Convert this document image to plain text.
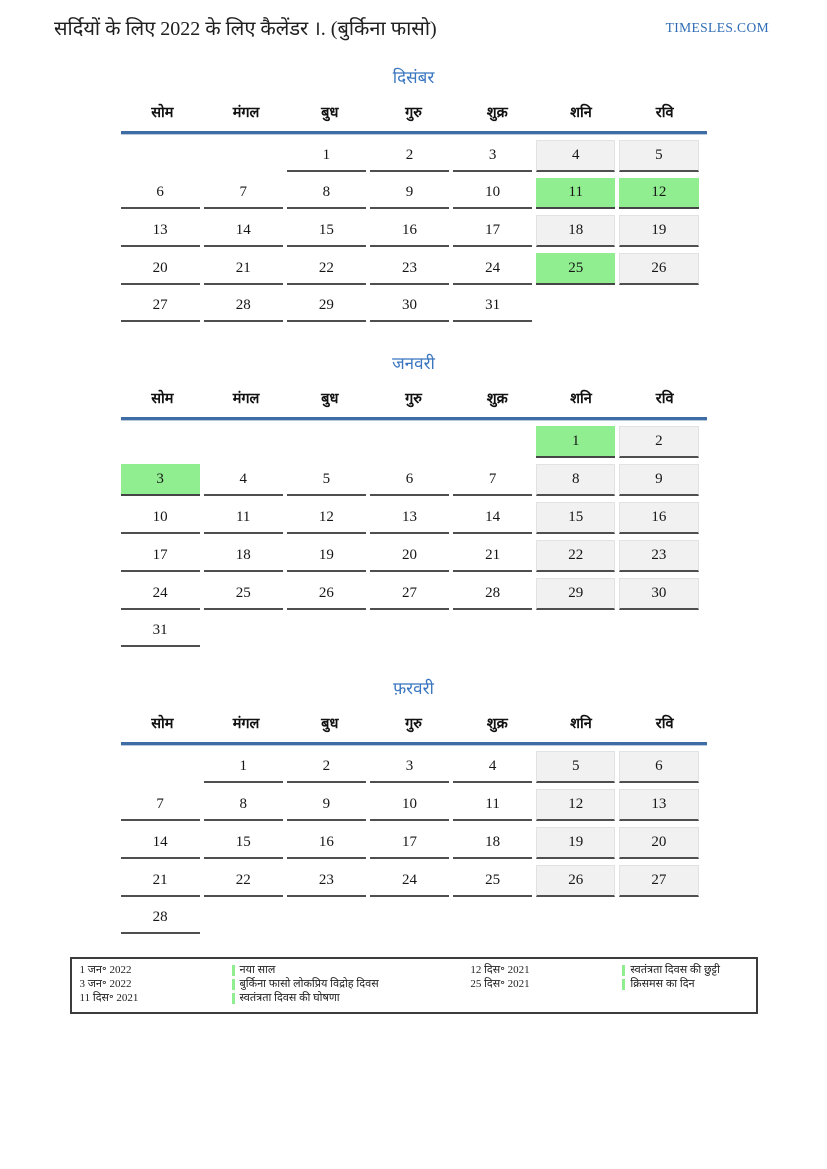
सर्दियों के लिए 2022 के लिए कैलेंडर ।. (बुर्किना फासो)	TIMESLES.COM
दिसंबर
सोम	मंगल	बुध	गुरु	शुक्र	शनि	रवि
		1	2	3	4	5
6	7	8	9	10	11	12
13	14	15	16	17	18	19
20	21	22	23	24	25	26
27	28	29	30	31		
जनवरी
सोम	मंगल	बुध	गुरु	शुक्र	शनि	रवि
					1	2
3	4	5	6	7	8	9
10	11	12	13	14	15	16
17	18	19	20	21	22	23
24	25	26	27	28	29	30
31						
फ़रवरी
सोम	मंगल	बुध	गुरु	शुक्र	शनि	रवि
	1	2	3	4	5	6
7	8	9	10	11	12	13
14	15	16	17	18	19	20
21	22	23	24	25	26	27
28						
1 जन॰ 2022	नया साल
3 जन॰ 2022	बुर्किना फासो लोकप्रिय विद्रोह दिवस
11 दिस॰ 2021	स्वतंत्रता दिवस की घोषणा
12 दिस॰ 2021	स्वतंत्रता दिवस की छुट्टी
25 दिस॰ 2021	क्रिसमस का दिन
